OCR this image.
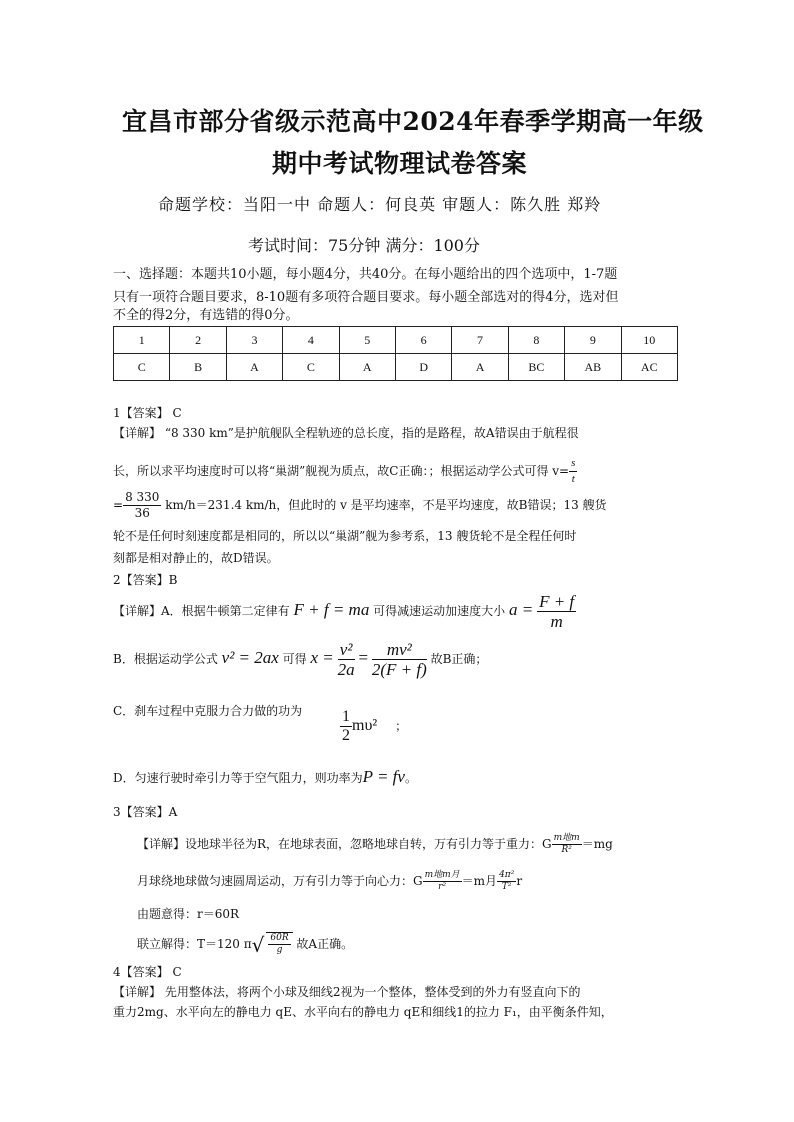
宜昌市部分省级示范高中2024年春季学期高一年级
期中考试物理试卷答案
命题学校：当阳一中 命题人：何良英 审题人：陈久胜 郑羚
考试时间：75分钟 满分：100分
一、选择题：本题共10小题，每小题4分，共40分。在每小题给出的四个选项中，1-7题
只有一项符合题目要求，8-10题有多项符合题目要求。每小题全部选对的得4分，选对但
不全的得2分，有选错的得0分。
1	2	3	4	5	6	7	8	9	10
C	B	A	C	A	D	A	BC	AB	AC
1【答案】 C
【详解】 “8 330 km”是护航舰队全程轨迹的总长度，指的是路程，故A错误由于航程很
长，所以求平均速度时可以将“巢湖”舰视为质点，故C正确：；根据运动学公式可得 $v= \frac{s}{t}$
= $\frac{8 330}{36} km/h=231.4$ km/h，但此时的 v 是平均速率，不是平均速度，故B错误；13 艘货
轮不是任何时刻速度都是相同的，所以以“巢湖”舰为参考系，13 艘货轮不是全程任何时
刻都是相对静止的，故D错误。
2【答案】B
【详解】A．根据牛顿第二定律有 F + f = ma 可得减速运动加速度大小 $a = \frac{F + f}{m}$
B．根据运动学公式 v² = 2ax 可得 $x = \frac{\text{v²}}{2a} = \frac{\text{mv²}}{2(F + f)}$ 故B正确；
C．刹车过程中克服力合力做的功为 $\frac{1}{2} m\upsilon^2$ ；
D．匀速行驶时牵引力等于空气阻力，则功率为P = fv。
3【答案】A
【详解】设地球半径为R，在地球表面，忽略地球自转，万有引力等于重力：G $\frac{\text{m地m}}{\text{R²}} =mg$
月球绕地球做匀速圆周运动，万有引力等于向心力：G $\frac{\text{m地m月}}{\text{r²}} =m$月 $\frac{\text{4π²}}{\text{T²}}$ r
由题意得：r＝60R
联立解得：T＝120 $\pi√ \frac{60R}{g}$ 故A正确。
4【答案】 C
【详解】 先用整体法，将两个小球及细线2视为一个整体，整体受到的外力有竖直向下的
重力2mg、水平向左的静电力 qE、水平向右的静电力 qE和细线1的拉力 F₁，由平衡条件知，
